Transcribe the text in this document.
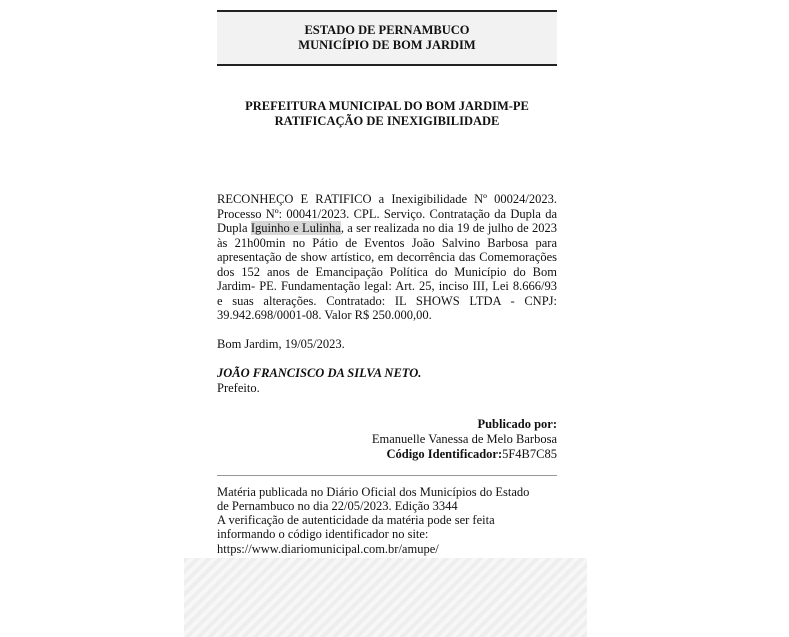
ESTADO DE PERNAMBUCO
MUNICÍPIO DE BOM JARDIM
PREFEITURA MUNICIPAL DO BOM JARDIM-PE
RATIFICAÇÃO DE INEXIGIBILIDADE
RECONHEÇO E RATIFICO a Inexigibilidade Nº 00024/2023. Processo Nº: 00041/2023. CPL. Serviço. Contratação da Dupla da Dupla Iguinho e Lulinha, a ser realizada no dia 19 de julho de 2023 às 21h00min no Pátio de Eventos João Salvino Barbosa para apresentação de show artístico, em decorrência das Comemorações dos 152 anos de Emancipação Política do Município do Bom Jardim- PE. Fundamentação legal: Art. 25, inciso III, Lei 8.666/93 e suas alterações. Contratado: IL SHOWS LTDA - CNPJ: 39.942.698/0001-08. Valor R$ 250.000,00.
Bom Jardim, 19/05/2023.
JOÃO FRANCISCO DA SILVA NETO.
Prefeito.
Publicado por:
Emanuelle Vanessa de Melo Barbosa
Código Identificador:5F4B7C85
Matéria publicada no Diário Oficial dos Municípios do Estado
de Pernambuco no dia 22/05/2023. Edição 3344
A verificação de autenticidade da matéria pode ser feita
informando o código identificador no site:
https://www.diariomunicipal.com.br/amupe/
